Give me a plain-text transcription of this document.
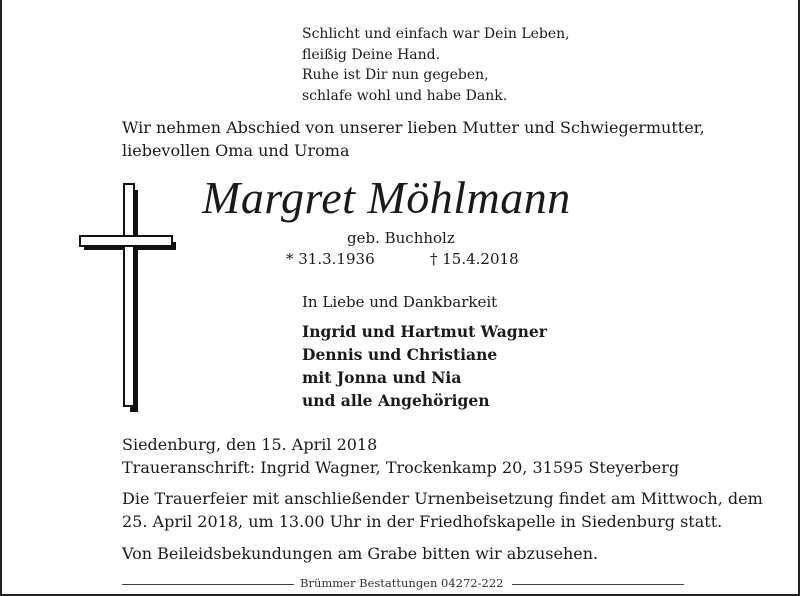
Schlicht und einfach war Dein Leben,
fleißig Deine Hand.
Ruhe ist Dir nun gegeben,
schlafe wohl und habe Dank.
Wir nehmen Abschied von unserer lieben Mutter und Schwiegermutter,
liebevollen Oma und Uroma
Margret Möhlmann
geb. Buchholz
* 31.3.1936	† 15.4.2018
In Liebe und Dankbarkeit
Ingrid und Hartmut Wagner
Dennis und Christiane
mit Jonna und Nia
und alle Angehörigen
Siedenburg, den 15. April 2018
Traueranschrift: Ingrid Wagner, Trockenkamp 20, 31595 Steyerberg
Die Trauerfeier mit anschließender Urnenbeisetzung findet am Mittwoch, dem
25. April 2018, um 13.00 Uhr in der Friedhofskapelle in Siedenburg statt.
Von Beileidsbekundungen am Grabe bitten wir abzusehen.
Brümmer Bestattungen 04272-222
